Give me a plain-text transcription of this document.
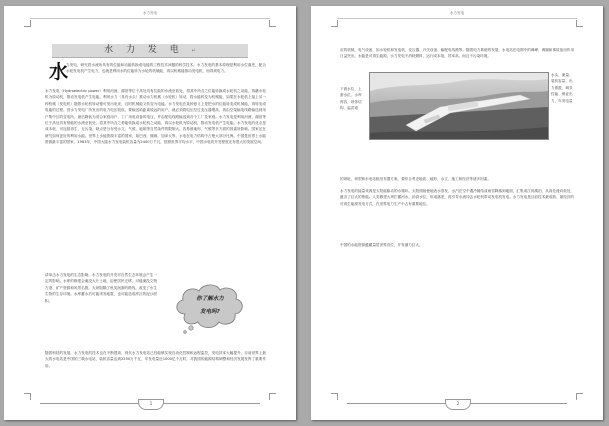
水力发电
水 力 发 电 ↵
水
力发电，研究将水流所具有的位能和动能转换成电能的工程技术问题的科学技术。水力发电的基本原理是利用水位落差，配合水轮发电机产生电力，也就是利用水的位能转为水轮的机械能，再以机械能推动发电机，而得到电力。
水力发电（Hydroelectric power）利用河流、湖泊等位于高处具有位能的水流至低处，将其中所含之位能转换成水轮机之动能，再藉水轮机为原动机，推动发电机产生电能。利用水力（具有水头）推动水力机械（水轮机）转动，将水能转变为机械能，如果在水轮机上接上另一种机械（发电机）随着水轮机转动便可发出电来，这时机械能又转变为电能。水力发电在某种意义上是把水的位能转变成机械能，再转变成电能的过程。因水力发电厂所发出的电力电压较低，要输送给距离较远的用户，就必须将电压经过变压器增高，再由空架输电线路输送到用户集中区的变电所，最后降低为适合家庭用户、工厂用电设备的电压，并由配电线路输送到各个工厂及家庭。水力发电是利用河流、湖泊等位于高处具有势能的水流至低处，将其中所含之势能转换成水轮机之动能，再以水轮机为原动机，推动发电机产生电能。水力发电的优点是成本低、可连续再生、无污染。缺点是分布受水文、气候、地貌等自然条件的限制大。容易被地形、气候等多方面的因素所影响。国家还在研究如何更好的利用水能。世界上水能资源丰富的国家，如巴西、挪威、加拿大等，水电在电力结构中占绝大部分比例。中国是世界上水能资源最丰富的国家，1983年，中国大陆水力发电装机容量为2400万千瓦，按照世界平均水平，中国水电的开发程度还有很大的发展空间。
请单击水力发电的生态影响。水力发电的开发对自然生态环境会产生一定的影响。水库的修建会淹没大片土地，迫使居民迁移，可能淹没文物古迹、矿产资源和风景名胜。大坝阻隔了鱼类洄游的路线，改变了水生生物的生存环境。水库蓄水后可能诱发地震，也可能造成库区的泥沙淤积。
随着科技的发展，水力发电的技术也在不断提高，现代水力发电站已经能够实现自动化控制和远程监控，发电效率大幅提升。目前世界上最大的水电站是中国的三峡水电站，装机容量达到2250万千瓦，年发电量近1000亿千瓦时，对我国的能源结构调整和经济发展发挥了重要作用。
你了解水力
发电吗?
1
水力发电
应的机械、电气设备，如水轮机和发电机、变压器、开关设备、输配电线路等。随着电力系统的发展，水电站在电网中的调峰、调频和事故备用作用日益突出。水能是可再生能源，水力发电不消耗燃料，运行成本低，效率高，而且不污染环境。
下游水位、上游水位、水库库容、坝体结构、溢洪道
水头、流量、装机容量、出力系数、调节性能、保证出力、年发电量
的坝址、坝型和水电站枢纽布置方案，要综合考虑地质、地形、水文、施工和经济等诸多因素。
水力发电的能量来源是太阳能驱动的水循环。太阳照射使地表水蒸发，水汽在空中遇冷凝结成雨雪降落到地面，汇集成江河湖泊，从高处流向低处，蕴含了巨大的势能。人类修建大坝拦蓄河水，抬高水位，形成落差，再引导水流冲击水轮机带动发电机发电。水力发电是目前技术最成熟、最经济的可再生能源发电方式，在世界电力生产中占有重要地位。
中国的水能资源蕴藏量居世界首位，开发潜力巨大。
2
